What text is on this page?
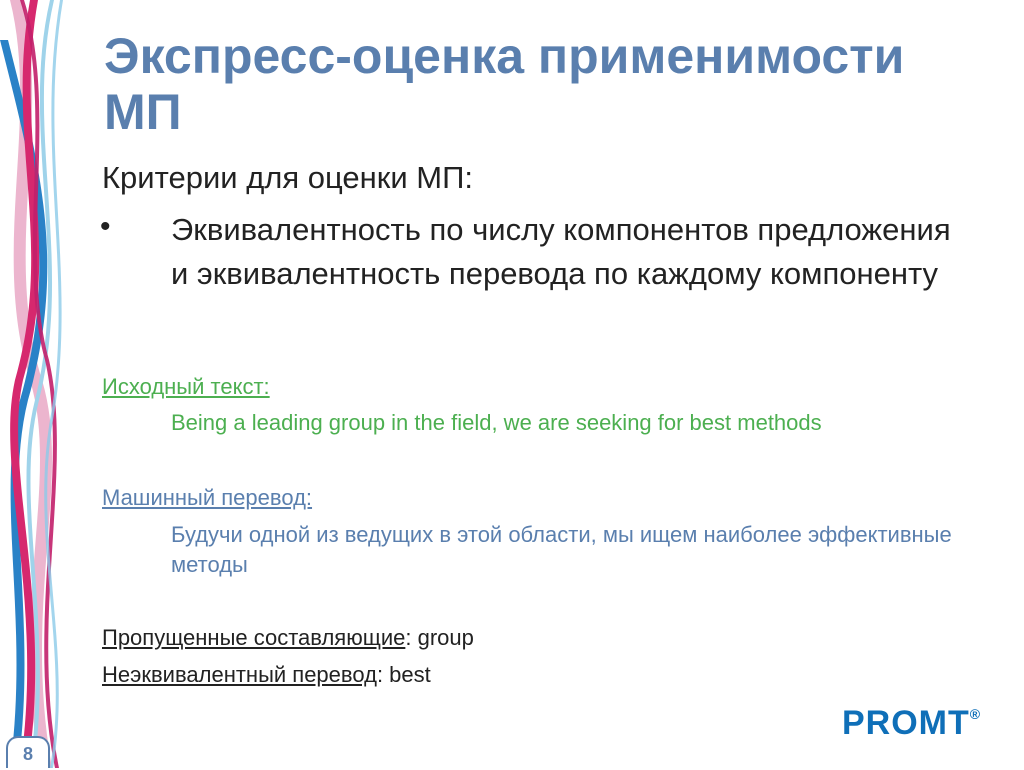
Экспресс-оценка применимости
МП
Критерии для оценки МП:
• Эквивалентность по числу компонентов предложения и эквивалентность перевода по каждому компоненту
Исходный текст:
Being a leading group in the field, we are seeking for best methods
Машинный перевод:
Будучи одной из ведущих в этой области, мы ищем наиболее эффективные методы
Пропущенные составляющие: group
Неэквивалентный перевод: best
PROMT®
8
